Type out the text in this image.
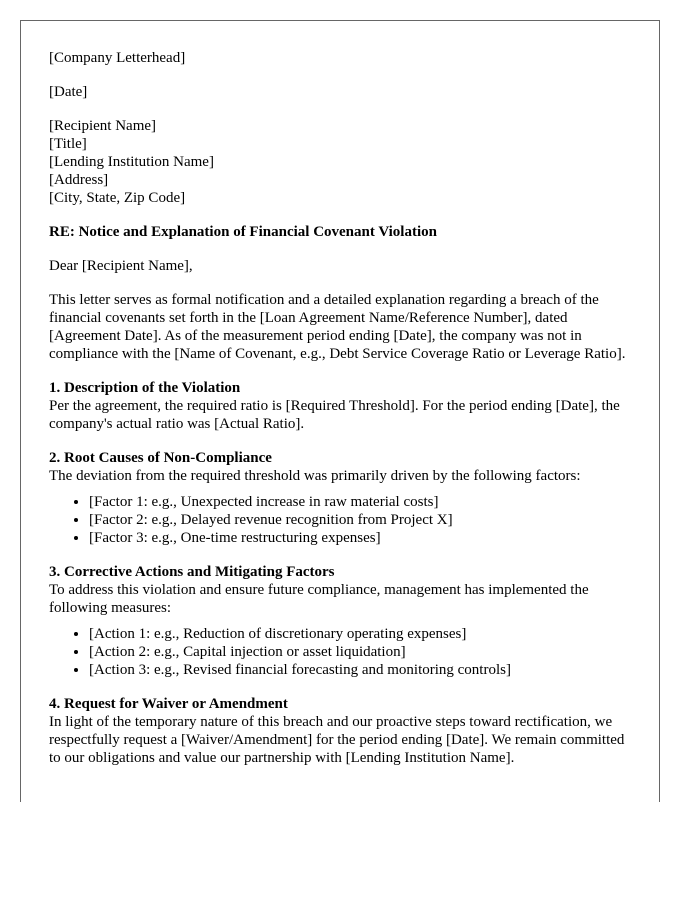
[Company Letterhead]

[Date]

[Recipient Name]
[Title]
[Lending Institution Name]
[Address]
[City, State, Zip Code]

RE: Notice and Explanation of Financial Covenant Violation

Dear [Recipient Name],

This letter serves as formal notification and a detailed explanation regarding a breach of the financial covenants set forth in the [Loan Agreement Name/Reference Number], dated [Agreement Date]. As of the measurement period ending [Date], the company was not in compliance with the [Name of Covenant, e.g., Debt Service Coverage Ratio or Leverage Ratio].

1. Description of the Violation

Per the agreement, the required ratio is [Required Threshold]. For the period ending [Date], the company's actual ratio was [Actual Ratio].

2. Root Causes of Non-Compliance

The deviation from the required threshold was primarily driven by the following factors:

• [Factor 1: e.g., Unexpected increase in raw material costs]
• [Factor 2: e.g., Delayed revenue recognition from Project X]
• [Factor 3: e.g., One-time restructuring expenses]
3. Corrective Actions and Mitigating Factors

To address this violation and ensure future compliance, management has implemented the following measures:

• [Action 1: e.g., Reduction of discretionary operating expenses]
• [Action 2: e.g., Capital injection or asset liquidation]
• [Action 3: e.g., Revised financial forecasting and monitoring controls]
4. Request for Waiver or Amendment

In light of the temporary nature of this breach and our proactive steps toward rectification, we respectfully request a [Waiver/Amendment] for the period ending [Date]. We remain committed to our obligations and value our partnership with [Lending Institution Name].
